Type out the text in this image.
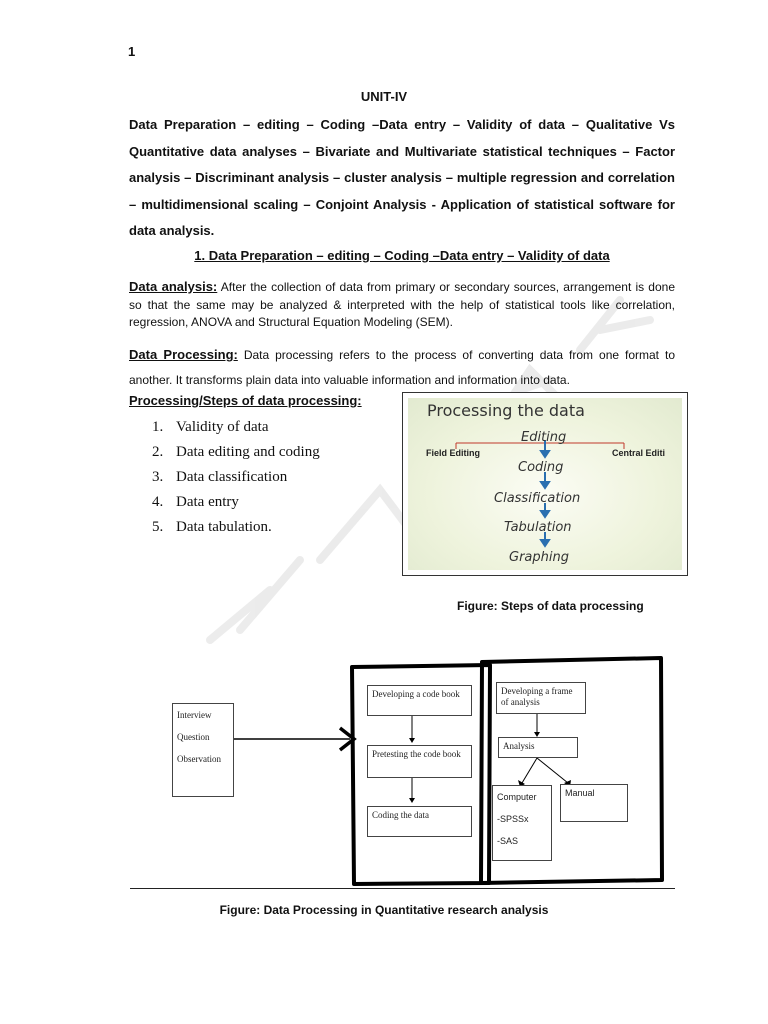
1
UNIT-IV
Data Preparation – editing – Coding –Data entry – Validity of data – Qualitative Vs Quantitative data analyses – Bivariate and Multivariate statistical techniques – Factor analysis – Discriminant analysis – cluster analysis – multiple regression and correlation – multidimensional scaling – Conjoint Analysis - Application of statistical software for data analysis.
1. Data Preparation – editing – Coding –Data entry – Validity of data
Data analysis: After the collection of data from primary or secondary sources, arrangement is done so that the same may be analyzed & interpreted with the help of statistical tools like correlation, regression, ANOVA and Structural Equation Modeling (SEM).
Data Processing: Data processing refers to the process of converting data from one format to another. It transforms plain data into valuable information and information into data.
Processing/Steps of data processing:
1. Validity of data
2. Data editing and coding
3. Data classification
4. Data entry
5. Data tabulation.
Processing the data
Editing
Field Editing	Central Editi
Coding
Classification
Tabulation
Graphing
Figure: Steps of data processing
Interview
Question
Observation
Developing a code book
Pretesting the code book
Coding the data
Developing a frame of analysis
Analysis
Computer
-SPSSx
-SAS
Manual
Figure: Data Processing in Quantitative research analysis
